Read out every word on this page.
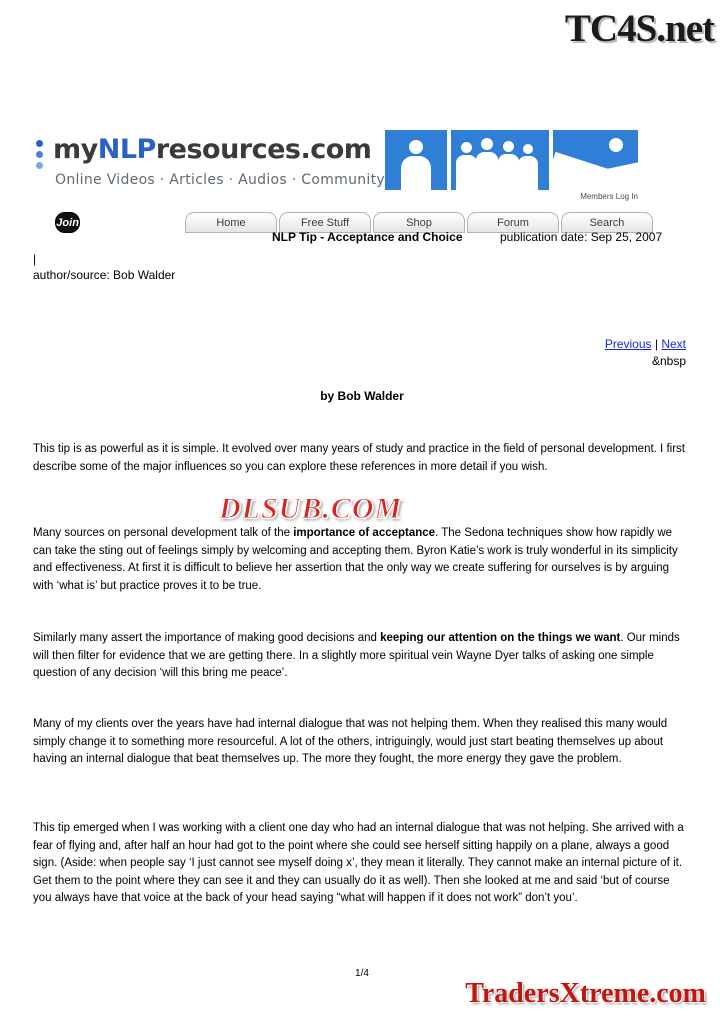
TC4S.net
myNLPresources.com
Online Videos · Articles · Audios · Community
Members Log In
Join Now
Home	Free Stuff	Shop	Forum	Search
NLP Tip - Acceptance and Choice	publication date: Sep 25, 2007
|
author/source: Bob Walder
Previous | Next
&nbsp
by Bob Walder
This tip is as powerful as it is simple. It evolved over many years of study and practice in the field of personal development. I first describe some of the major influences so you can explore these references in more detail if you wish.
Many sources on personal development talk of the importance of acceptance. The Sedona techniques show how rapidly we can take the sting out of feelings simply by welcoming and accepting them. Byron Katie’s work is truly wonderful in its simplicity and effectiveness. At first it is difficult to believe her assertion that the only way we create suffering for ourselves is by arguing with ‘what is’ but practice proves it to be true.
Similarly many assert the importance of making good decisions and keeping our attention on the things we want. Our minds will then filter for evidence that we are getting there. In a slightly more spiritual vein Wayne Dyer talks of asking one simple question of any decision ‘will this bring me peace’.
Many of my clients over the years have had internal dialogue that was not helping them. When they realised this many would simply change it to something more resourceful. A lot of the others, intriguingly, would just start beating themselves up about having an internal dialogue that beat themselves up. The more they fought, the more energy they gave the problem.
This tip emerged when I was working with a client one day who had an internal dialogue that was not helping. She arrived with a fear of flying and, after half an hour had got to the point where she could see herself sitting happily on a plane, always a good sign. (Aside: when people say ‘I just cannot see myself doing x’, they mean it literally. They cannot make an internal picture of it. Get them to the point where they can see it and they can usually do it as well). Then she looked at me and said ‘but of course you always have that voice at the back of your head saying “what will happen if it does not work” don’t you’.
DLSUB.COM
1/4
TradersXtreme.com
